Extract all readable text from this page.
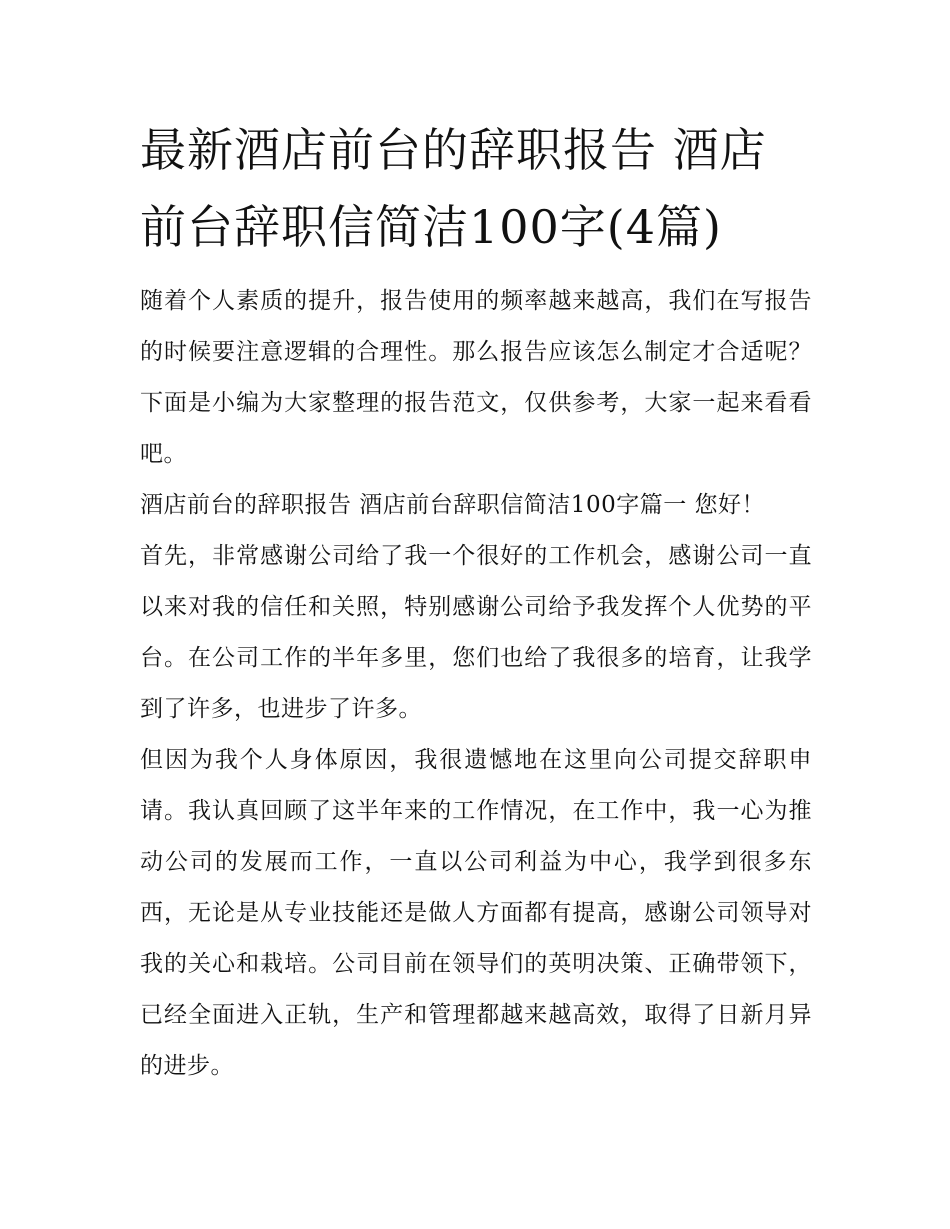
最新酒店前台的辞职报告 酒店前台辞职信简洁100字(4篇)

随着个人素质的提升，报告使用的频率越来越高，我们在写报告的时候要注意逻辑的合理性。那么报告应该怎么制定才合适呢？下面是小编为大家整理的报告范文，仅供参考，大家一起来看看吧。

酒店前台的辞职报告 酒店前台辞职信简洁100字篇一 您好！

首先，非常感谢公司给了我一个很好的工作机会，感谢公司一直以来对我的信任和关照，特别感谢公司给予我发挥个人优势的平台。在公司工作的半年多里，您们也给了我很多的培育，让我学到了许多，也进步了许多。

但因为我个人身体原因，我很遗憾地在这里向公司提交辞职申请。我认真回顾了这半年来的工作情况，在工作中，我一心为推动公司的发展而工作，一直以公司利益为中心，我学到很多东西，无论是从专业技能还是做人方面都有提高，感谢公司领导对我的关心和栽培。公司目前在领导们的英明决策、正确带领下，已经全面进入正轨，生产和管理都越来越高效，取得了日新月异的进步。
